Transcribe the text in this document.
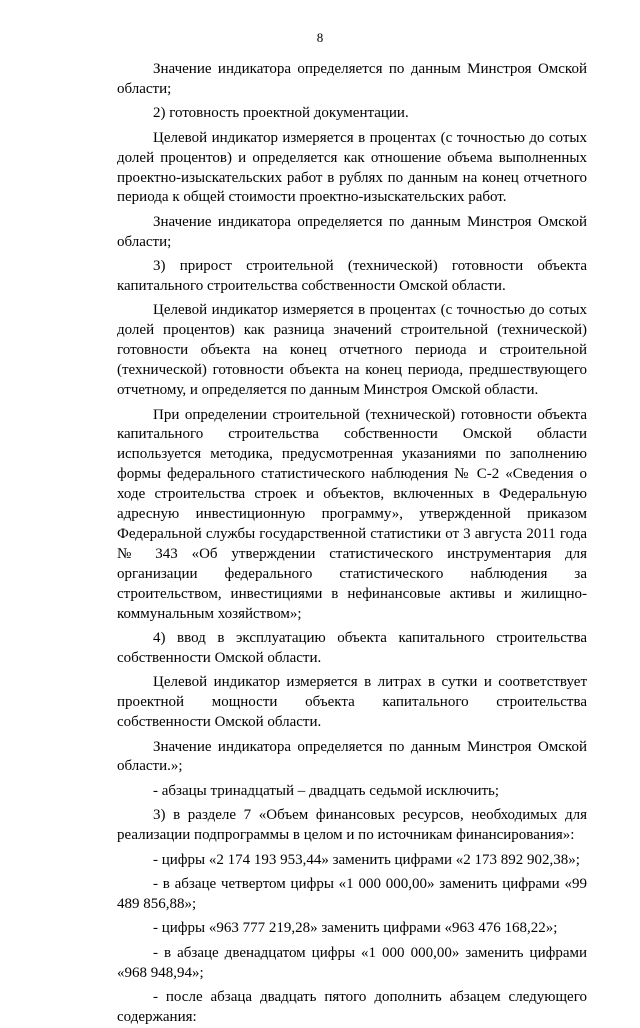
8

Значение индикатора определяется по данным Минстроя Омской области;

2) готовность проектной документации.

Целевой индикатор измеряется в процентах (с точностью до сотых долей процентов) и определяется как отношение объема выполненных проектно-изыскательских работ в рублях по данным на конец отчетного периода к общей стоимости проектно-изыскательских работ.

Значение индикатора определяется по данным Минстроя Омской области;

3) прирост строительной (технической) готовности объекта капитального строительства собственности Омской области.

Целевой индикатор измеряется в процентах (с точностью до сотых долей процентов) как разница значений строительной (технической) готовности объекта на конец отчетного периода и строительной (технической) готовности объекта на конец периода, предшествующего отчетному, и определяется по данным Минстроя Омской области.

При определении строительной (технической) готовности объекта капитального строительства собственности Омской области используется методика, предусмотренная указаниями по заполнению формы федерального статистического наблюдения № С-2 «Сведения о ходе строительства строек и объектов, включенных в Федеральную адресную инвестиционную программу», утвержденной приказом Федеральной службы государственной статистики от 3 августа 2011 года № 343 «Об утверждении статистического инструментария для организации федерального статистического наблюдения за строительством, инвестициями в нефинансовые активы и жилищно-коммунальным хозяйством»;

4) ввод в эксплуатацию объекта капитального строительства собственности Омской области.

Целевой индикатор измеряется в литрах в сутки и соответствует проектной мощности объекта капитального строительства собственности Омской области.

Значение индикатора определяется по данным Минстроя Омской области.»;

- абзацы тринадцатый – двадцать седьмой исключить;

3) в разделе 7 «Объем финансовых ресурсов, необходимых для реализации подпрограммы в целом и по источникам финансирования»:

- цифры «2 174 193 953,44» заменить цифрами «2 173 892 902,38»;

- в абзаце четвертом цифры «1 000 000,00» заменить цифрами «99 489 856,88»;

- цифры «963 777 219,28» заменить цифрами «963 476 168,22»;

- в абзаце двенадцатом цифры «1 000 000,00» заменить цифрами «968 948,94»;

- после абзаца двадцать пятого дополнить абзацем следующего содержания:
